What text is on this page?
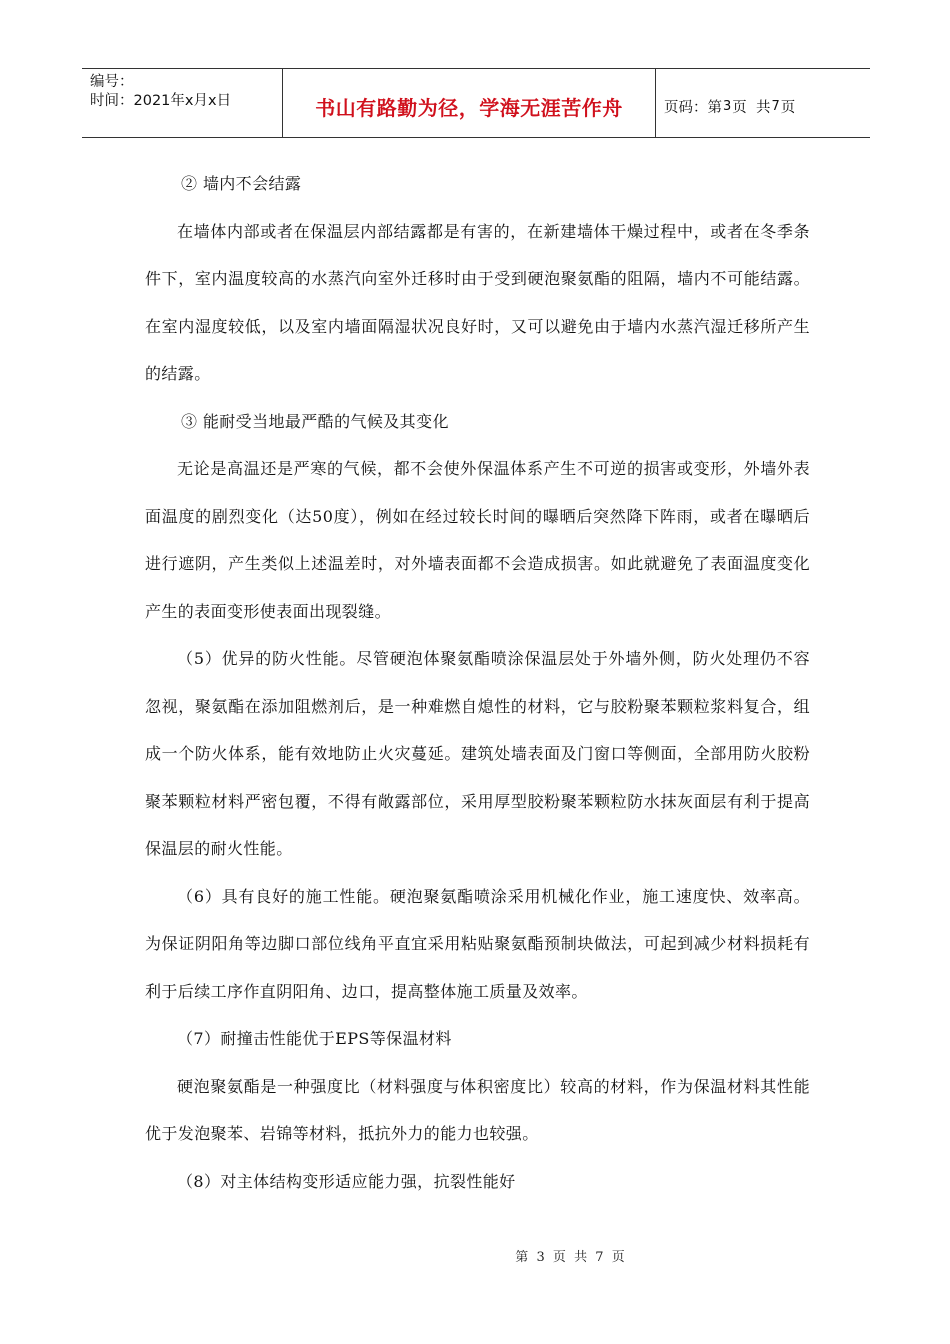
编号：
时间：2021年x月x日	书山有路勤为径，学海无涯苦作舟	页码：第 3 页  共 7 页

② 墙内不会结露

在墙体内部或者在保温层内部结露都是有害的，在新建墙体干燥过程中，或者在冬季条件下，室内温度较高的水蒸汽向室外迁移时由于受到硬泡聚氨酯的阻隔，墙内不可能结露。在室内湿度较低，以及室内墙面隔湿状况良好时，又可以避免由于墙内水蒸汽湿迁移所产生的结露。

③ 能耐受当地最严酷的气候及其变化

无论是高温还是严寒的气候，都不会使外保温体系产生不可逆的损害或变形，外墙外表面温度的剧烈变化（达50度），例如在经过较长时间的曝晒后突然降下阵雨，或者在曝晒后进行遮阴，产生类似上述温差时，对外墙表面都不会造成损害。如此就避免了表面温度变化产生的表面变形使表面出现裂缝。

（5）优异的防火性能。尽管硬泡体聚氨酯喷涂保温层处于外墙外侧，防火处理仍不容忽视，聚氨酯在添加阻燃剂后，是一种难燃自熄性的材料，它与胶粉聚苯颗粒浆料复合，组成一个防火体系，能有效地防止火灾蔓延。建筑处墙表面及门窗口等侧面，全部用防火胶粉聚苯颗粒材料严密包覆，不得有敞露部位，采用厚型胶粉聚苯颗粒防水抹灰面层有利于提高保温层的耐火性能。

（6）具有良好的施工性能。硬泡聚氨酯喷涂采用机械化作业，施工速度快、效率高。为保证阴阳角等边脚口部位线角平直宜采用粘贴聚氨酯预制块做法，可起到减少材料损耗有利于后续工序作直阴阳角、边口，提高整体施工质量及效率。

（7）耐撞击性能优于EPS等保温材料

硬泡聚氨酯是一种强度比（材料强度与体积密度比）较高的材料，作为保温材料其性能优于发泡聚苯、岩锦等材料，抵抗外力的能力也较强。

（8）对主体结构变形适应能力强，抗裂性能好

第 3 页  共 7 页
